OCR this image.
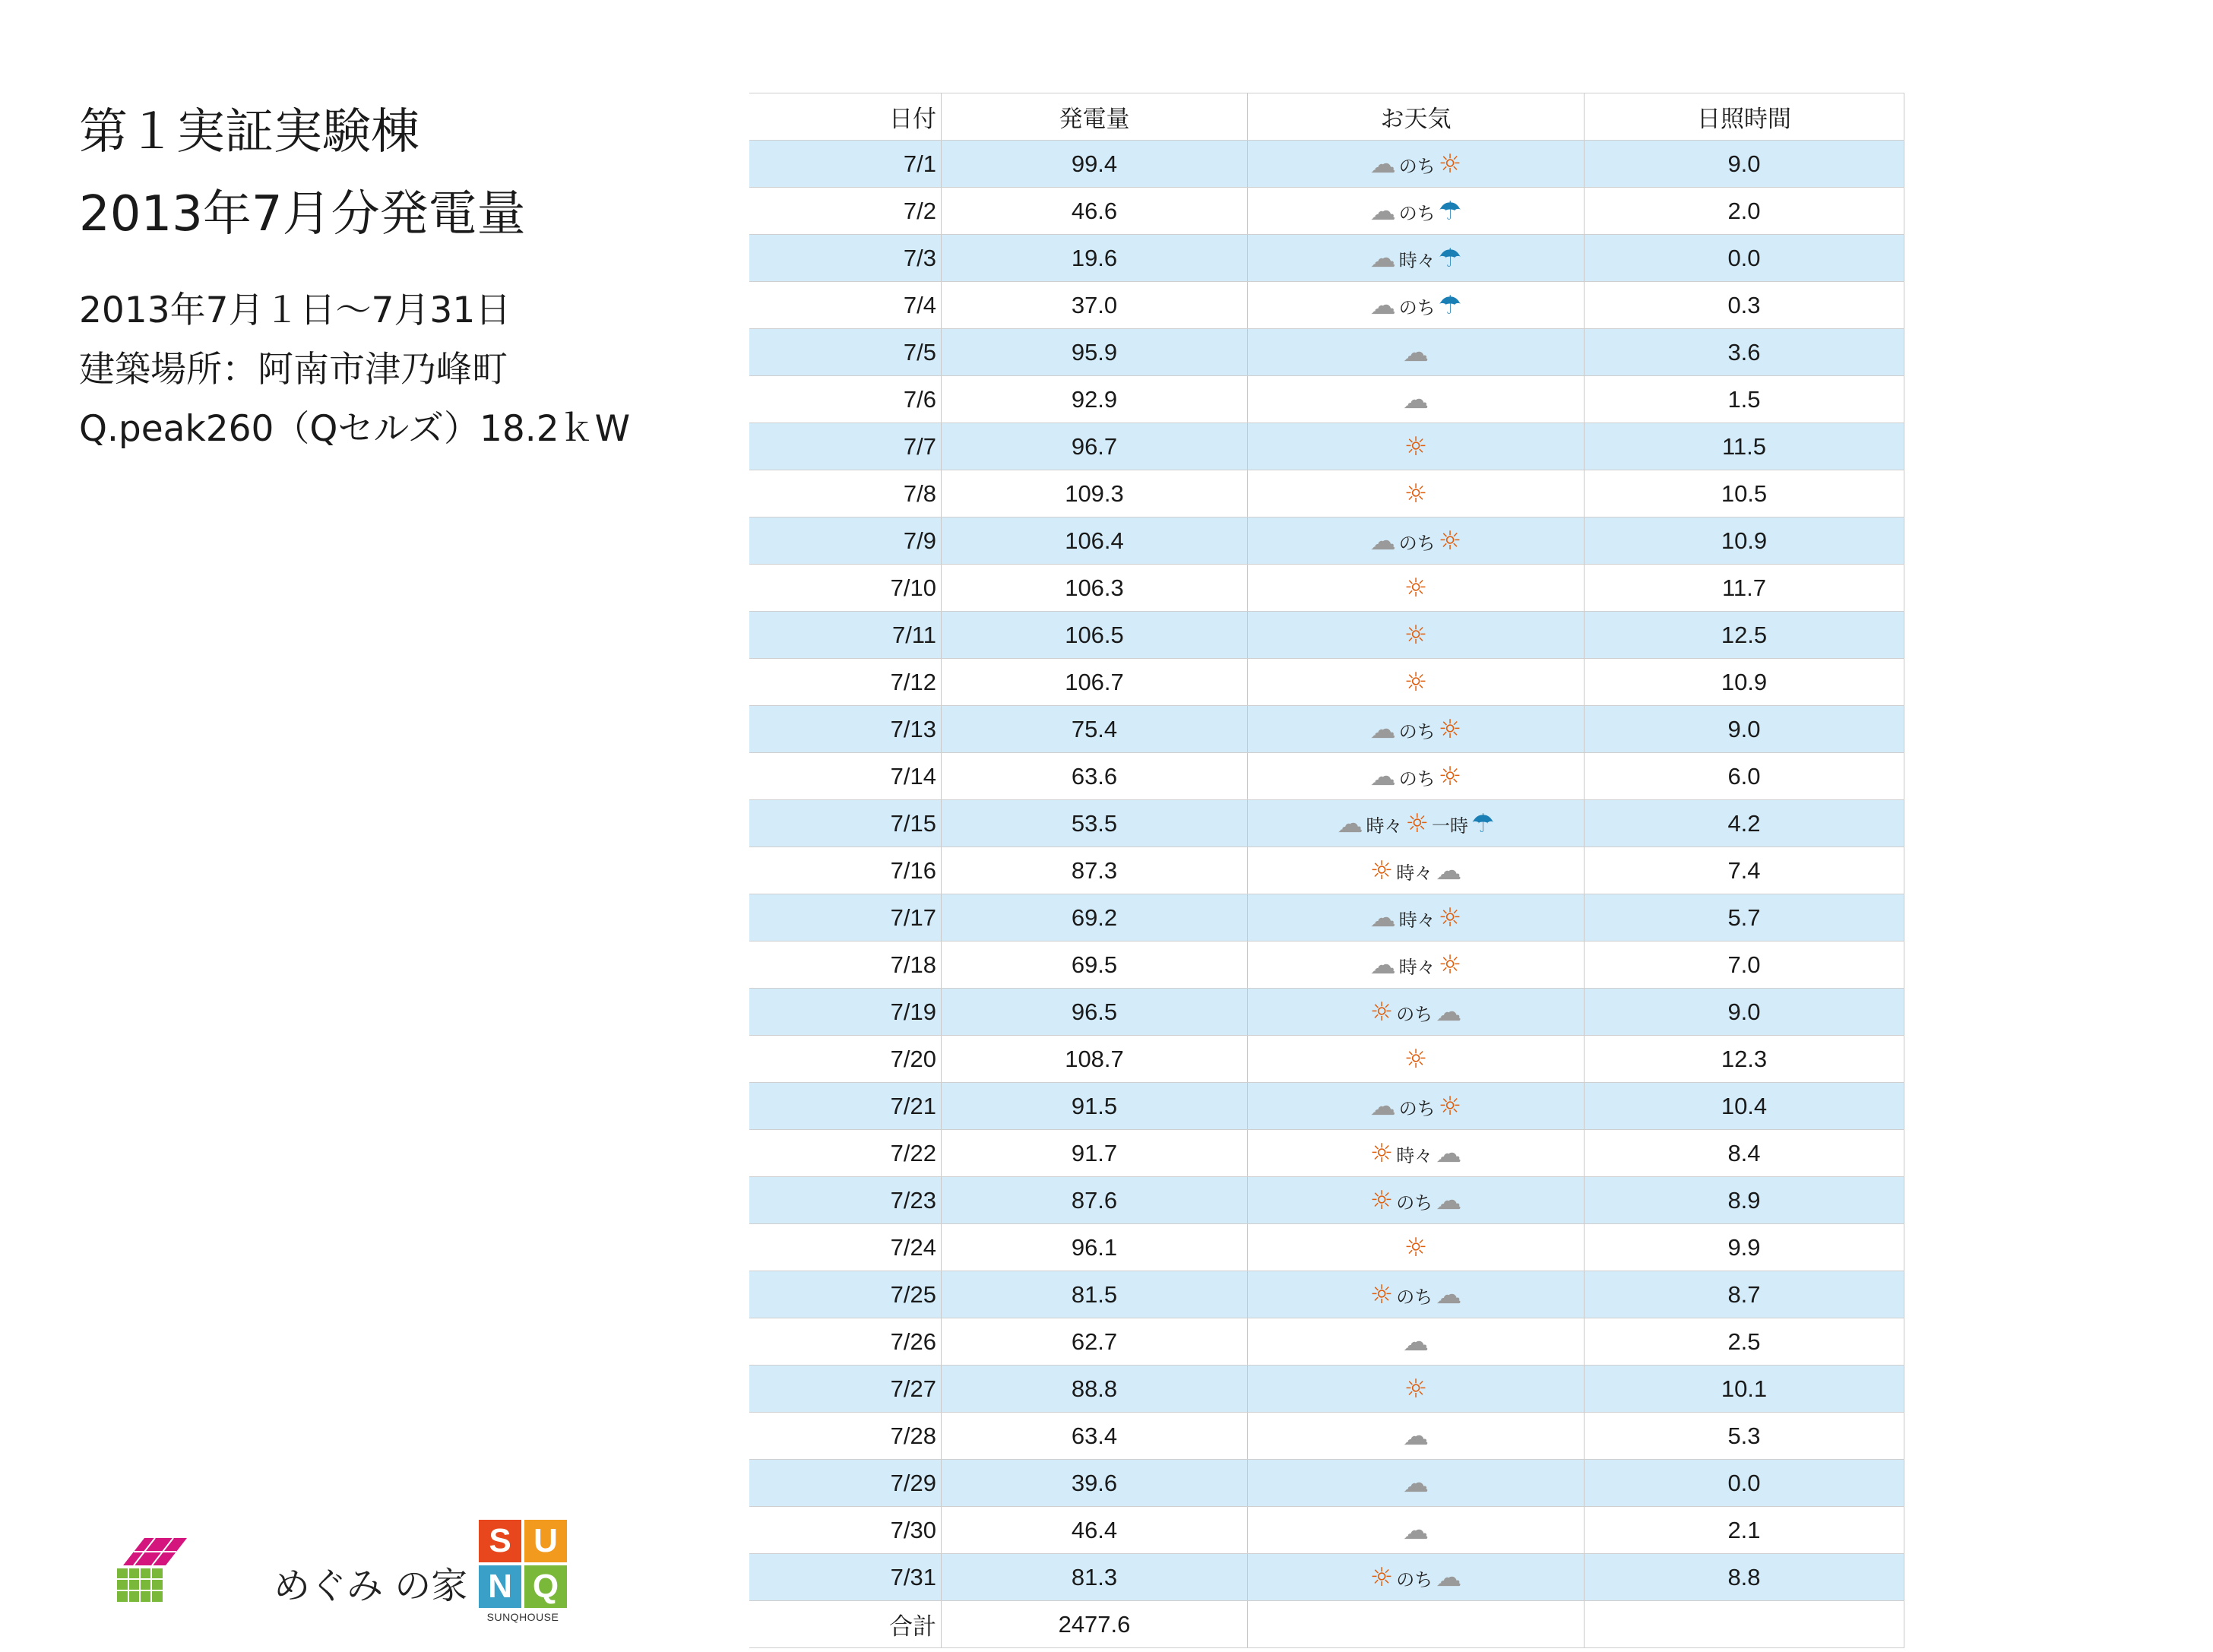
第１実証実験棟
2013年7月分発電量
2013年7月１日～7月31日
建築場所：阿南市津乃峰町
Q.peak260（Qセルズ）18.2ｋW
日付	発電量	お天気	日照時間
7/1	99.4	☁ のち ☼	9.0
7/2	46.6	☁ のち ☂	2.0
7/3	19.6	☁ 時々 ☂	0.0
7/4	37.0	☁ のち ☂	0.3
7/5	95.9	☁	3.6
7/6	92.9	☁	1.5
7/7	96.7	☼	11.5
7/8	109.3	☼	10.5
7/9	106.4	☁ のち ☼	10.9
7/10	106.3	☼	11.7
7/11	106.5	☼	12.5
7/12	106.7	☼	10.9
7/13	75.4	☁ のち ☼	9.0
7/14	63.6	☁ のち ☼	6.0
7/15	53.5	☁ 時々 ☼ 一時 ☂	4.2
7/16	87.3	☼ 時々 ☁	7.4
7/17	69.2	☁ 時々 ☼	5.7
7/18	69.5	☁ 時々 ☼	7.0
7/19	96.5	☼ のち ☁	9.0
7/20	108.7	☼	12.3
7/21	91.5	☁ のち ☼	10.4
7/22	91.7	☼ 時々 ☁	8.4
7/23	87.6	☼ のち ☁	8.9
7/24	96.1	☼	9.9
7/25	81.5	☼ のち ☁	8.7
7/26	62.7	☁	2.5
7/27	88.8	☼	10.1
7/28	63.4	☁	5.3
7/29	39.6	☁	0.0
7/30	46.4	☁	2.1
7/31	81.3	☼ のち ☁	8.8
合計	2477.6		
めぐみ の家
S U
N Q
SUNQHOUSE
